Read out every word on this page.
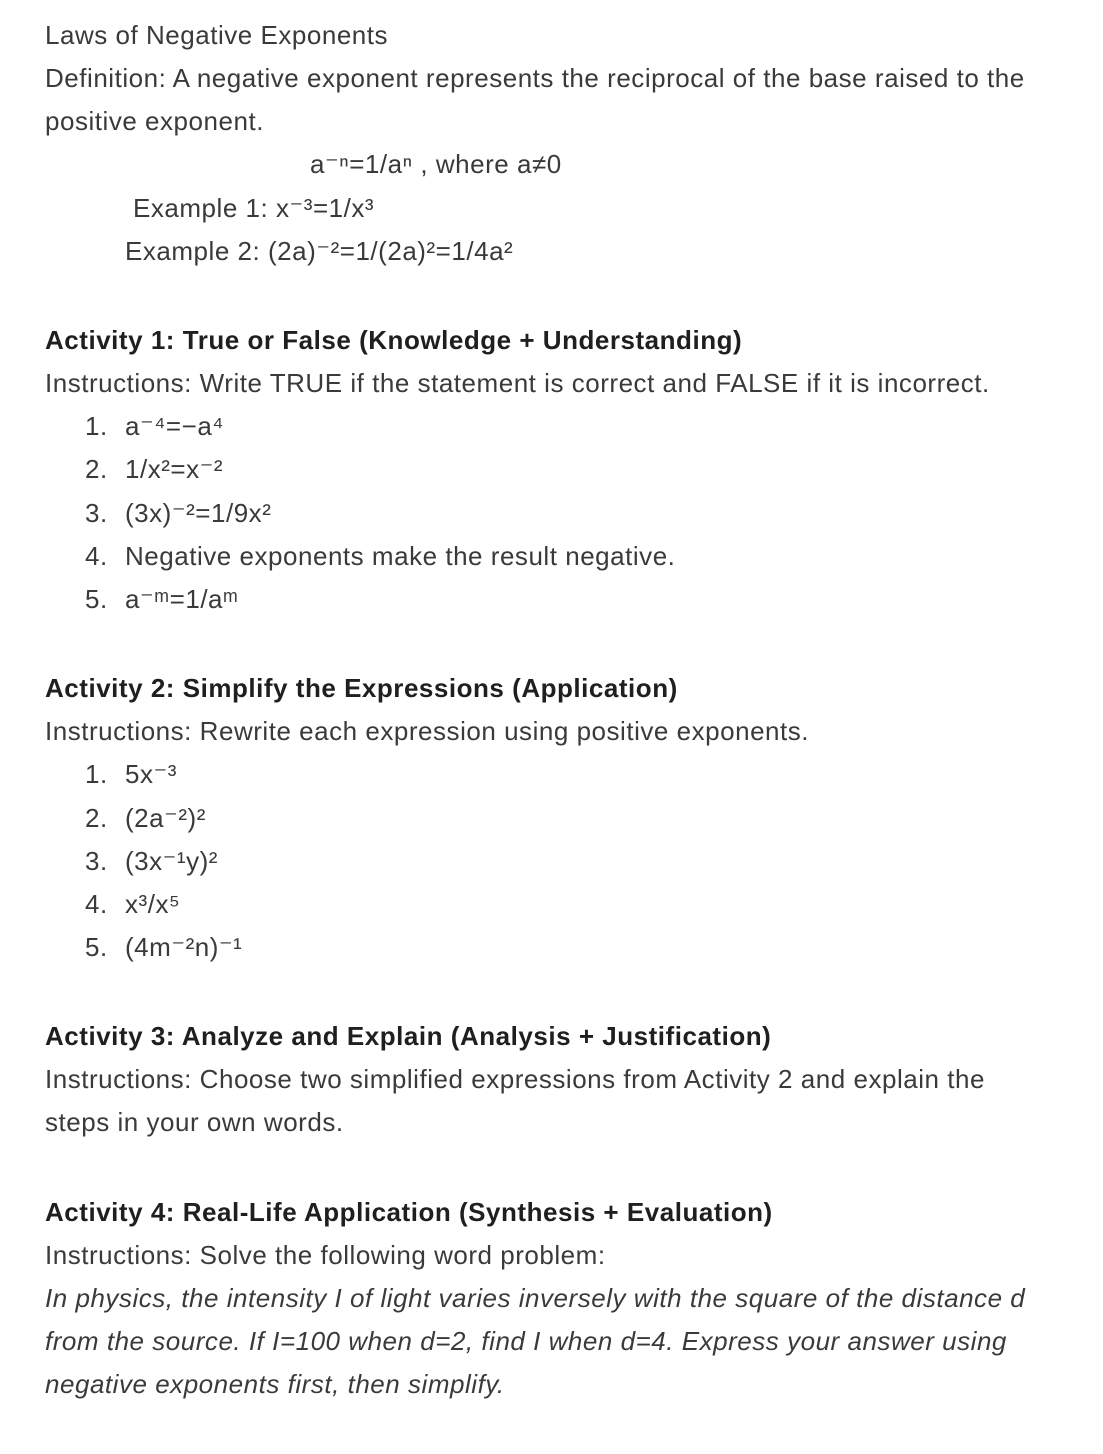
Laws of Negative Exponents

Definition: A negative exponent represents the reciprocal of the base raised to the positive exponent.

a⁻ⁿ=1/aⁿ , where a≠0

Example 1: x⁻³=1/x³

Example 2: (2a)⁻²=1/(2a)²=1/4a²

Activity 1: True or False (Knowledge + Understanding)

Instructions: Write TRUE if the statement is correct and FALSE if it is incorrect.

1. a⁻⁴=−a⁴
2. 1/x²=x⁻²
3. (3x)⁻²=1/9x²
4. Negative exponents make the result negative.
5. a⁻ᵐ=1/aᵐ
Activity 2: Simplify the Expressions (Application)

Instructions: Rewrite each expression using positive exponents.

1. 5x⁻³
2. (2a⁻²)²
3. (3x⁻¹y)²
4. x³/x⁵
5. (4m⁻²n)⁻¹
Activity 3: Analyze and Explain (Analysis + Justification)

Instructions: Choose two simplified expressions from Activity 2 and explain the steps in your own words.

Activity 4: Real-Life Application (Synthesis + Evaluation)

Instructions: Solve the following word problem:

In physics, the intensity I of light varies inversely with the square of the distance d from the source. If I=100 when d=2, find I when d=4. Express your answer using negative exponents first, then simplify.
